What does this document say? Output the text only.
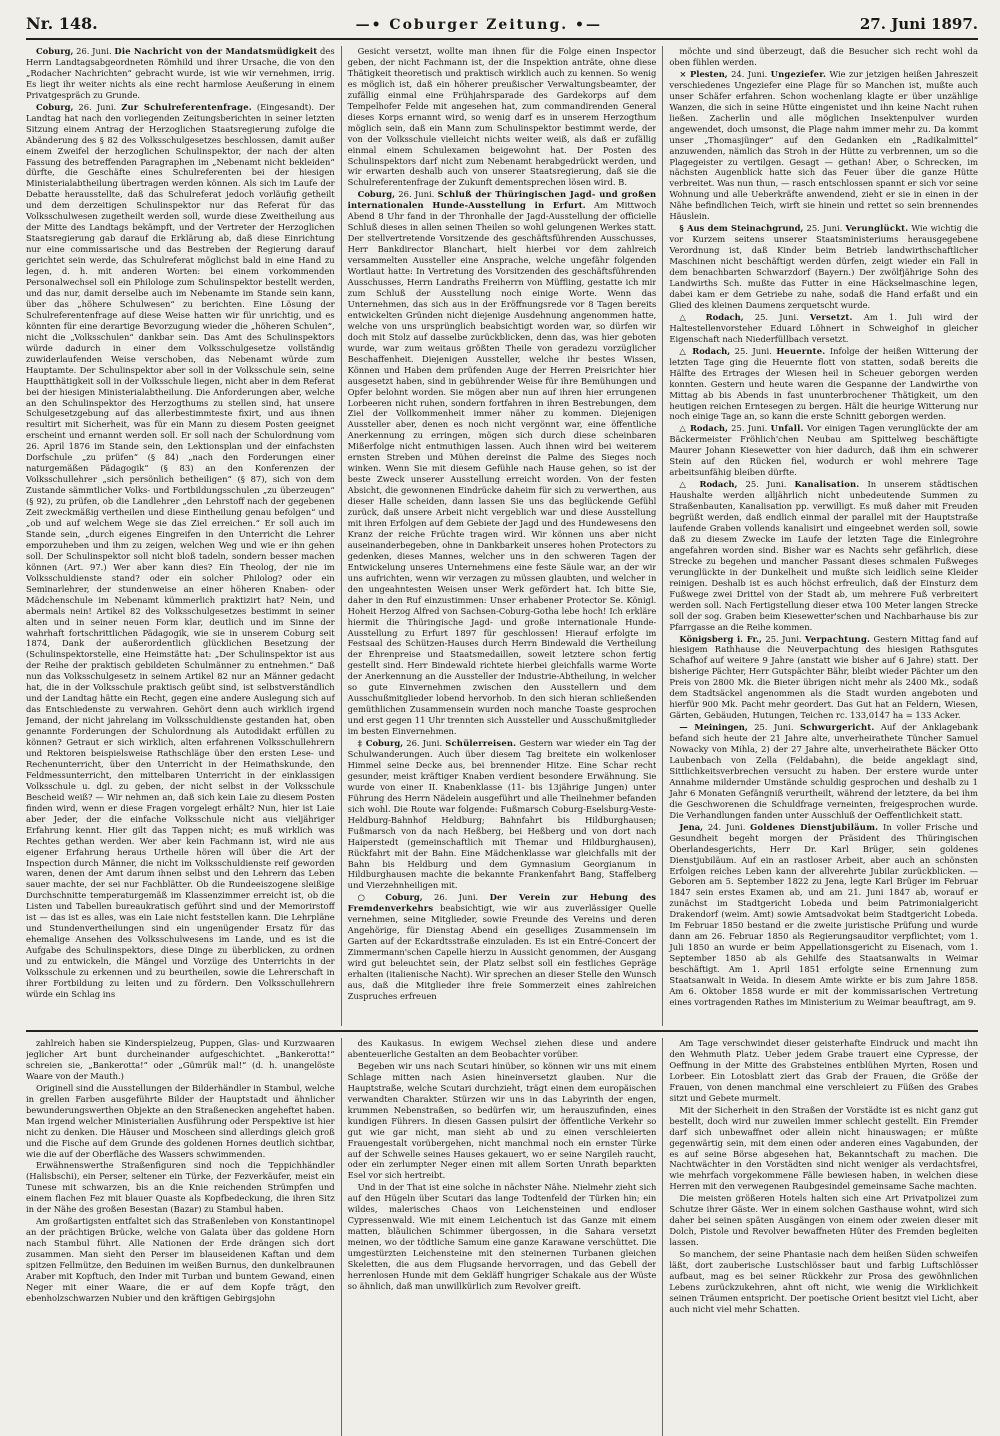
Nr. 148.	—• Coburger Zeitung. •—	27. Juni 1897.

Coburg, 26. Juni. Die Nachricht von der Mandatsmüdigkeit des Herrn Landtagsabgeordneten Römhild und ihrer Ursache, die von den „Rodacher Nachrichten“ gebracht wurde, ist wie wir vernehmen, irrig. Es liegt ihr weiter nichts als eine recht harmlose Aeußerung in einem Privatgespräch zu Grunde.

Coburg, 26. Juni. Zur Schulreferentenfrage. (Eingesandt). Der Landtag hat nach den vorliegenden Zeitungsberichten in seiner letzten Sitzung einem Antrag der Herzoglichen Staatsregierung zufolge die Abänderung des § 82 des Volksschulgesetzes beschlossen, damit außer einem Zweifel der herzoglichen Schulinspektor, der nach der alten Fassung des betreffenden Paragraphen im „Nebenamt nicht bekleiden“ dürfte, die Geschäfte eines Schulreferenten bei der hiesigen Ministerialabtheilung übertragen werden können. Als sich im Laufe der Debatte herausstellte, daß das Schulreferat jedoch vorläufig getheilt und dem derzeitigen Schulinspektor nur das Referat für das Volksschulwesen zugetheilt werden soll, wurde diese Zweitheilung aus der Mitte des Landtags bekämpft, und der Vertreter der Herzoglichen Staatsregierung gab darauf die Erklärung ab, daß diese Einrichtung nur eine commissarische und das Bestreben der Regierung darauf gerichtet sein werde, das Schulreferat möglichst bald in eine Hand zu legen, d. h. mit anderen Worten: bei einem vorkommenden Personalwechsel soll ein Philologe zum Schulinspektor bestellt werden, und das nur, damit derselbe auch im Nebenamte im Stande sein kann, über das „höhere Schulwesen“ zu berichten. Eine Lösung der Schulreferentenfrage auf diese Weise hatten wir für unrichtig, und es könnten für eine derartige Bevorzugung wieder die „höheren Schulen“, nicht die „Volksschulen“ dankbar sein. Das Amt des Schulinspektors würde dadurch in einer dem Volksschulgesetze vollständig zuwiderlaufenden Weise verschoben, das Nebenamt würde zum Hauptamte. Der Schulinspektor aber soll in der Volksschule sein, seine Hauptthätigkeit soll in der Volksschule liegen, nicht aber in dem Referat bei der hiesigen Ministerialabtheilung. Die Anforderungen aber, welche an den Schulinspektor des Herzogthums zu stellen sind, hat unsere Schulgesetzgebung auf das allerbestimmteste fixirt, und aus ihnen resultirt mit Sicherheit, was für ein Mann zu diesem Posten geeignet erscheint und ernannt werden soll. Er soll nach der Schulordnung vom 26. April 1876 im Stande sein, den Lektionsplan und der einfachsten Dorfschule „zu prüfen“ (§ 84) „nach den Forderungen einer naturgemäßen Pädagogik“ (§ 83) an den Konferenzen der Volksschullehrer „sich persönlich betheiligen“ (§ 87), sich von dem Zustande sämmtlicher Volks- und Fortbildungsschulen „zu überzeugen“ (§ 92), zu prüfen, ob die Landlehrer „den Lehrstoff nach der gegebenen Zeit zweckmäßig vertheilen und diese Eintheilung genau befolgen“ und „ob und auf welchem Wege sie das Ziel erreichen.“ Er soll auch im Stande sein, „durch eigenes Eingreifen in den Unterricht die Lehrer emporzuheben und ihm zu zeigen, welchen Weg und wie er ihn gehen soll. Der Schulinspektor soll nicht bloß tadeln, sondern besser machen können (Art. 97.) Wer aber kann dies? Ein Theolog, der nie im Volksschuldienste stand? oder ein solcher Philolog? oder ein Seminarlehrer, der stundenweise an einer höheren Knaben- oder Mädchenschule im Nebenamt kümmerlich praktizirt hat? Nein, und abermals nein! Artikel 82 des Volksschulgesetzes bestimmt in seiner alten und in seiner neuen Form klar, deutlich und im Sinne der wahrhaft fortschrittlichen Pädagogik, wie sie in unserem Coburg seit 1874, Dank der außerordentlich glücklichen Besetzung der (Schulinspektorstelle, eine Heimstätte hat: „Der Schulinspektor ist aus der Reihe der praktisch gebildeten Schulmänner zu entnehmen.“ Daß nun das Volksschulgesetz in seinem Artikel 82 nur an Männer gedacht hat, die in der Volksschule praktisch geübt sind, ist selbstverständlich und der Landtag hätte ein Recht, gegen eine andere Auslegung sich auf das Entschiedenste zu verwahren. Gehört denn auch wirklich irgend Jemand, der nicht jahrelang im Volksschuldienste gestanden hat, oben genannte Forderungen der Schulordnung als Autodidakt erfüllen zu können? Getraut er sich wirklich, alten erfahrenen Volksschullehrern und Rektoren beispielsweise Rathschläge über den ersten Lese- und Rechenunterricht, über den Unterricht in der Heimathskunde, den Feldmessunterricht, den mittelbaren Unterricht in der einklassigen Volksschule u. dgl. zu geben, der nicht selbst in der Volksschule Bescheid weiß? — Wir nehmen an, daß sich kein Laie zu diesem Posten finden wird, wenn er diese Fragen vorgelegt erhält? Nun, hier ist Laie aber Jeder, der die einfache Volksschule nicht aus vieljähriger Erfahrung kennt. Hier gilt das Tappen nicht; es muß wirklich was Rechtes gethan werden. Wer aber kein Fachmann ist, wird nie aus eigener Erfahrung heraus Urtheile hören will über die Art der Inspection durch Männer, die nicht im Volksschuldienste reif geworden waren, denen der Amt darum ihnen selbst und den Lehrern das Leben sauer machte, der sei nur Fachblätter. Ob die Rundeeiszogene sleißige Durchschnitte temperaturgemäß im Klassenzimmer erreicht ist, ob die Listen und Tabellen bureaukratisch geführt sind und der Memorirstoff ist — das ist es alles, was ein Laie nicht feststellen kann. Die Lehrpläne und Stundenvertheilungen sind ein ungenügender Ersatz für das ehemalige Ansehen des Volksschulwesens im Lande, und es ist die Aufgabe des Schulinspektors, diese Dinge zu überblicken, zu ordnen und zu entwickeln, die Mängel und Vorzüge des Unterrichts in der Volksschule zu erkennen und zu beurtheilen, sowie die Lehrerschaft in ihrer Fortbildung zu leiten und zu fördern. Den Volksschullehrern würde ein Schlag ins

Gesicht versetzt, wollte man ihnen für die Folge einen Inspector geben, der nicht Fachmann ist, der die Inspektion anträte, ohne diese Thätigkeit theoretisch und praktisch wirklich auch zu kennen. So wenig es möglich ist, daß ein höherer preußischer Verwaltungsbeamter, der zufällig einmal eine Frühjahrsparade des Gardekorps auf dem Tempelhofer Felde mit angesehen hat, zum commandirenden General dieses Korps ernannt wird, so wenig darf es in unserem Herzogthum möglich sein, daß ein Mann zum Schulinspektor bestimmt werde, der von der Volksschule vielleicht nichts weiter weiß, als daß er zufällig einmal einem Schulexamen beigewohnt hat. Der Posten des Schulinspektors darf nicht zum Nebenamt herabgedrückt werden, und wir erwarten deshalb auch von unserer Staatsregierung, daß sie die Schulreferentenfrage der Zukunft dementsprechen lösen wird. B.

Coburg, 26. Juni. Schluß der Thüringischen Jagd- und großen internationalen Hunde-Ausstellung in Erfurt. Am Mittwoch Abend 8 Uhr fand in der Thronhalle der Jagd-Ausstellung der officielle Schluß dieses in allen seinen Theilen so wohl gelungenen Werkes statt. Der stellvertretende Vorsitzende des geschäftsführenden Ausschusses, Herr Bankdirector Blanchart, hielt hierbei vor dem zahlreich versammelten Aussteller eine Ansprache, welche ungefähr folgenden Wortlaut hatte: In Vertretung des Vorsitzenden des geschäftsführenden Ausschusses, Herrn Landraths Freiherrn von Müffling, gestatte ich mir zum Schluß der Ausstellung noch einige Worte. Wenn das Unternehmen, das sich aus in der Eröffnungsrede vor 8 Tagen bereits entwickelten Gründen nicht diejenige Ausdehnung angenommen hatte, welche von uns ursprünglich beabsichtigt worden war, so dürfen wir doch mit Stolz auf dasselbe zurückblicken, denn das, was hier geboten wurde, war zum weitaus größten Theile von geradezu vorzüglicher Beschaffenheit. Diejenigen Aussteller, welche ihr bestes Wissen, Können und Haben dem prüfenden Auge der Herren Preisrichter hier ausgesetzt haben, sind in gebührender Weise für ihre Bemühungen und Opfer belohnt worden. Sie mögen aber nun auf ihren hier errungenen Lorbeeren nicht ruhen, sondern fortfahren in ihren Bestrebungen, dem Ziel der Vollkommenheit immer näher zu kommen. Diejenigen Aussteller aber, denen es noch nicht vergönnt war, eine öffentliche Anerkennung zu erringen, mögen sich durch diese scheinbaren Mißerfolge nicht entmuthigen lassen. Auch ihnen wird bei weiterem ernsten Streben und Mühen dereinst die Palme des Sieges noch winken. Wenn Sie mit diesem Gefühle nach Hause gehen, so ist der beste Zweck unserer Ausstellung erreicht worden. Von der festen Absicht, die gewonnenen Eindrücke daheim für sich zu verwerthen, aus dieser Halle scheiden, dann lassen Sie uns das beglückende Gefühl zurück, daß unsere Arbeit nicht vergeblich war und diese Ausstellung mit ihren Erfolgen auf dem Gebiete der Jagd und des Hundewesens den Kranz der reiche Früchte tragen wird. Wir können uns aber nicht auseinanderbegeben, ohne in Dankbarkeit unseres hohen Protectors zu gedenken, dieses Mannes, welcher uns in den schweren Tagen der Entwickelung unseres Unternehmens eine feste Säule war, an der wir uns aufrichten, wenn wir verzagen zu müssen glaubten, und welcher in den ungeahntesten Weisen unser Werk gefördert hat. Ich bitte Sie, daher in den Ruf einzustimmen: Unser erhabener Protector Se. Königl. Hoheit Herzog Alfred von Sachsen-Coburg-Gotha lebe hoch! Ich erkläre hiermit die Thüringische Jagd- und große internationale Hunde-Ausstellung zu Erfurt 1897 für geschlossen! Hierauf erfolgte im Festsaal des Schützen-Hauses durch Herrn Bindewald die Vertheilung der Ehrenpreise und Staatsmedaillen, soweit letztere schon fertig gestellt sind. Herr Bindewald richtete hierbei gleichfalls warme Worte der Anerkennung an die Aussteller der Industrie-Abtheilung, in welcher so gute Einvernehmen zwischen den Ausstellern und dem Ausschußmitglieder lobend hervorhob. In den sich hieran schließenden gemüthlichen Zusammensein wurden noch manche Toaste gesprochen und erst gegen 11 Uhr trennten sich Aussteller und Ausschußmitglieder im besten Einvernehmen.

‡ Coburg, 26. Juni. Schülerreisen. Gestern war wieder ein Tag der Schulwanderungen. Auch über diesem Tag breitete ein wolkenloser Himmel seine Decke aus, bei brennender Hitze. Eine Schar recht gesunder, meist kräftiger Knaben verdient besondere Erwähnung. Sie wurde von einer II. Knabenklasse (11- bis 13jährige Jungen) unter Führung des Herrn Nädelein ausgeführt und alle Theilnehmer befanden sich wohl. Die Route war folgende: Fußmarsch Coburg-Eselsburg-Veste-Heldburg-Bahnhof Heldburg; Bahnfahrt bis Hildburghausen; Fußmarsch von da nach Heßberg, bei Heßberg und von dort nach Haiperstedt (gemeinschaftlich mit Themar und Hildburghausen), Rückfahrt mit der Bahn. Eine Mädchenklasse war gleichfalls mit der Bahn bis Heldburg und dem Gymnasium Georgianum in Hildburghausen machte die bekannte Frankenfahrt Bang, Staffelberg und Vierzehnheiligen mit.

○ Coburg, 26. Juni. Der Verein zur Hebung des Fremdenverkehrs beabsichtigt, wie wir aus zuverlässiger Quelle vernehmen, seine Mitglieder, sowie Freunde des Vereins und deren Angehörige, für Dienstag Abend ein geselliges Zusammensein im Garten auf der Eckardtsstraße einzuladen. Es ist ein Entré-Concert der Zimmermann'schen Capelle hierzu in Aussicht genommen, der Ausgang wird gut beleuchtet sein, der Platz selbst soll ein festliches Gepräge erhalten (italienische Nacht). Wir sprechen an dieser Stelle den Wunsch aus, daß die Mitglieder ihre freie Sommerzeit eines zahlreichen Zuspruches erfreuen

möchte und sind überzeugt, daß die Besucher sich recht wohl da oben fühlen werden.

× Plesten, 24. Juni. Ungeziefer. Wie zur jetzigen heißen Jahreszeit verschiedenes Ungeziefer eine Plage für so Manchen ist, mußte auch unser Schäfer erfahren. Schon wochenlang klagte er über unzählige Wanzen, die sich in seine Hütte eingenistet und ihn keine Nacht ruhen ließen. Zacherlin und alle möglichen Insektenpulver wurden angewendet, doch umsonst, die Plage nahm immer mehr zu. Da kommt unser „Thomasjünger“ auf den Gedanken ein „Radikalmittel“ anzuwenden, nämlich das Stroh in der Hütte zu verbrennen, um so die Plagegeister zu vertilgen. Gesagt — gethan! Aber, o Schrecken, im nächsten Augenblick hatte sich das Feuer über die ganze Hütte verbreitet. Was nun thun, — rasch entschlossen spannt er sich vor seine Wohnung und alle Ueberkräfte anwendend, zieht er sie in einen in der Nähe befindlichen Teich, wirft sie hinein und rettet so sein brennendes Häuslein.

§ Aus dem Steinachgrund, 25. Juni. Verunglückt. Wie wichtig die vor Kurzem seitens unserer Staatsministeriums herausgegebene Verordnung ist, daß Kinder beim Betrieb landwirthschaftlicher Maschinen nicht beschäftigt werden dürfen, zeigt wieder ein Fall in dem benachbarten Schwarzdorf (Bayern.) Der zwölfjährige Sohn des Landwirths Sch. mußte das Futter in eine Häckselmaschine legen, dabei kam er dem Getriebe zu nahe, sodaß die Hand erfaßt und ein Glied des kleinen Daumens zerquetscht wurde.

△ Rodach, 25. Juni. Versetzt. Am 1. Juli wird der Haltestellenvorsteher Eduard Löhnert in Schweighof in gleicher Eigenschaft nach Niederfüllbach versetzt.

△ Rodach, 25. Juni. Heuernte. Infolge der heißen Witterung der letzten Tage ging die Heuernte flott von statten, sodaß bereits die Hälfte des Ertrages der Wiesen heil in Scheuer geborgen werden konnten. Gestern und heute waren die Gespanne der Landwirthe von Mittag ab bis Abends in fast ununterbrochener Thätigkeit, um den heutigen reichen Erntesegen zu bergen. Hält die heurige Witterung nur noch einige Tage an, so kann die erste Schnitt geborgen werden.

△ Rodach, 25. Juni. Unfall. Vor einigen Tagen verunglückte der am Bäckermeister Fröhlich'chen Neubau am Spittelweg beschäftigte Maurer Johann Kiesewetter von hier dadurch, daß ihm ein schwerer Stein auf den Rücken fiel, wodurch er wohl mehrere Tage arbeitsunfähig bleiben dürfte.

△ Rodach, 25. Juni. Kanalisation. In unserem städtischen Haushalte werden alljährlich nicht unbedeutende Summen zu Straßenbauten, Kanalisation pp. verwilligt. Es muß daher mit Freuden begrüßt werden, daß endlich einmal der parallel mit der Hauptstraße laufende Graben vollends kanalisirt und eingeebnet werden soll, sowie daß zu diesem Zwecke im Laufe der letzten Tage die Einlegrohre angefahren worden sind. Bisher war es Nachts sehr gefährlich, diese Strecke zu begehen und mancher Passant dieses schmalen Fußweges verunglückte in der Dunkelheit und mußte sich leidlich seine Kleider reinigen. Deshalb ist es auch höchst erfreulich, daß der Einsturz dem Fußwege zwei Drittel von der Stadt ab, um mehrere Fuß verbreitert werden soll. Nach Fertigstellung dieser etwa 100 Meter langen Strecke soll der sog. Graben beim Kiesewetter'schen und Nachbarhause bis zur Pfarrgasse an die Reihe kommen.

Königsberg i. Fr., 25. Juni. Verpachtung. Gestern Mittag fand auf hiesigem Rathhause die Neuverpachtung des hiesigen Rathsgutes Schafhof auf weitere 9 Jahre (anstatt wie bisher auf 6 Jahre) statt. Der bisherige Pächter, Herr Gutspächter Bähr, bleibt wieder Pächter um den Preis von 2800 Mk. die Bieter übrigen nicht mehr als 2400 Mk., sodaß dem Stadtsäckel angenommen als die Stadt wurden angeboten und hierfür 900 Mk. Pacht mehr geordert. Das Gut hat an Feldern, Wiesen, Gärten, Gebäuden, Hutungen, Teichen rc. 133,0147 ha = 133 Acker.

— Meiningen, 25. Juni. Schwurgericht. Auf der Anklagebank befand sich heute der 21 Jahre alte, unverheirathete Tüncher Samuel Nowacky von Mihla, 2) der 27 Jahre alte, unverheirathete Bäcker Otto Laubenbach von Zella (Feldabahn), die beide angeklagt sind, Sittlichkeitsverbrechen versucht zu haben. Der erstere wurde unter Annahme mildernder Umstände schuldig gesprochen und deshalb zu 1 Jahr 6 Monaten Gefängniß verurtheilt, während der letztere, da bei ihm die Geschworenen die Schuldfrage verneinten, freigesprochen wurde. Die Verhandlungen fanden unter Ausschluß der Oeffentlichkeit statt.

Jena, 24. Juni. Goldenes Dienstjubiläum. In voller Frische und Gesundheit begeht morgen der Präsident des Thüringischen Oberlandesgerichts, Herr Dr. Karl Brüger, sein goldenes Dienstjubiläum. Auf ein an rastloser Arbeit, aber auch an schönsten Erfolgen reiches Leben kann der allverehrte Jubilar zurückblicken. — Geboren am 5. September 1822 zu Jena, legte Karl Brüger im Februar 1847 sein erstes Examen ab, und am 21. Juni 1847 ab, worauf er zunächst im Stadtgericht Lobeda und beim Patrimonialgericht Drakendorf (weim. Amt) sowie Amtsadvokat beim Stadtgericht Lobeda. Im Februar 1850 bestand er die zweite juristische Prüfung und wurde dann am 26. Februar 1850 als Regierungsauditor verpflichtet; vom 1. Juli 1850 an wurde er beim Appellationsgericht zu Eisenach, vom 1. September 1850 ab als Gehilfe des Staatsanwalts in Weimar beschäftigt. Am 1. April 1851 erfolgte seine Ernennung zum Staatsanwalt in Weida. In diesem Amte wirkte er bis zum Jahre 1858. Am 6. Oktober 1858 wurde er mit der kommissarischen Vertretung eines vortragenden Rathes im Ministerium zu Weimar beauftragt, am 9.

zahlreich haben sie Kinderspielzeug, Puppen, Glas- und Kurzwaaren jeglicher Art bunt durcheinander aufgeschichtet. „Bankerotta!“ schreien sie, „Bankerotta!“ oder „Gümrük mal!“ (d. h. unangelöste Waare von der Mauth.)

Originell sind die Ausstellungen der Bilderhändler in Stambul, welche in grellen Farben ausgeführte Bilder der Hauptstadt und ähnlicher bewunderungswerthen Objekte an den Straßenecken angeheftet haben. Man irgend welcher Ministerialien Ausführung oder Perspektive ist hier nicht zu denken. Die Häuser und Moscheen sind allerdings gleich groß und die Fische auf dem Grunde des goldenen Hornes deutlich sichtbar, wie die auf der Oberfläche des Wassers schwimmenden.

Erwähnenswerthe Straßenfiguren sind noch die Teppichhändler (Halisbschi), ein Perser, seltener ein Türke, der Fezverkäufer, meist ein Tunese mit schwarzen, bis an die Knie reichenden Strümpfen und einem flachen Fez mit blauer Quaste als Kopfbedeckung, die ihren Sitz in der Nähe des großen Besestan (Bazar) zu Stambul haben.

Am großartigsten entfaltet sich das Straßenleben von Konstantinopel an der prächtigen Brücke, welche von Galata über das goldene Horn nach Stambul führt. Alle Nationen der Erde drängen sich dort zusammen. Man sieht den Perser im blauseidenen Kaftan und dem spitzen Fellmütze, den Beduinen im weißen Burnus, den dunkelbraunen Araber mit Kopftuch, den Inder mit Turban und buntem Gewand, einen Neger mit einer Waare, die er auf dem Kopfe trägt, den ebenholzschwarzen Nubier und den kräftigen Gebirgsjohn

des Kaukasus. In ewigem Wechsel ziehen diese und andere abenteuerliche Gestalten an dem Beobachter vorüber.

Begeben wir uns nach Scutari hinüber, so können wir uns mit einem Schlage mitten nach Asien hineinversetzt glauben. Nur die Hauptstraße, welche Scutari durchzieht, trägt einen dem europäischen verwandten Charakter. Stürzen wir uns in das Labyrinth der engen, krummen Nebenstraßen, so bedürfen wir, um herauszufinden, eines kundigen Führers. In diesen Gassen pulsirt der öffentliche Verkehr so gut wie gar nicht, man sieht ab und zu einen verschleierten Frauengestalt vorübergehen, nicht manchmal noch ein ernster Türke auf der Schwelle seines Hauses gekauert, wo er seine Nargileh raucht, oder ein zerlumpter Neger einen mit allem Sorten Unrath beparkten Esel vor sich hertreibt.

Und in der That ist eine solche in nächster Nähe. Nielmehr zieht sich auf den Hügeln über Scutari das lange Todtenfeld der Türken hin; ein wildes, malerisches Chaos von Leichensteinen und endloser Cypressenwald. Wie mit einem Leichentuch ist das Ganze mit einem matten, bläulichen Schimmer übergossen, in die Sahara versetzt meinen, wo der tödtliche Samum eine ganze Karawane verschüttet. Die umgestürzten Leichensteine mit den steinernen Turbanen gleichen Skeletten, die aus dem Flugsande hervorragen, und das Gebell der herrenlosen Hunde mit dem Gekläff hungriger Schakale aus der Wüste so ähnlich, daß man unwillkürlich zum Revolver greift.

Am Tage verschwindet dieser geisterhafte Eindruck und macht ihn den Wehmuth Platz. Ueber jedem Grabe trauert eine Cypresse, der Oeffnung in der Mitte des Grabsteines entblühen Myrten, Rosen und Lorbeer. Ein Lotosblatt ziert das Grab der Frauen, die Größe der Frauen, von denen manchmal eine verschleiert zu Füßen des Grabes sitzt und Gebete murmelt.

Mit der Sicherheit in den Straßen der Vorstädte ist es nicht ganz gut bestellt, doch wird nur zuweilen immer schlecht gestellt. Ein Fremder darf sich unbewaffnet oder allein nicht hinauswagen; er müßte gegenwärtig sein, mit dem einen oder anderen eines Vagabunden, der es auf seine Börse abgesehen hat, Bekanntschaft zu machen. Die Nachtwächter in den Vorstädten sind nicht weniger als verdachtsfrei, wie mehrfach vorgekommene Fälle bewiesen haben, in welchen diese Herren mit den verwegenen Raubgesindel gemeinsame Sache machten.

Die meisten größeren Hotels halten sich eine Art Privatpolizei zum Schutze ihrer Gäste. Wer in einem solchen Gasthause wohnt, wird sich daher bei seinen späten Ausgängen von einem oder zweien dieser mit Dolch, Pistole und Revolver bewaffneten Hüter des Fremden begleiten lassen.

So manchem, der seine Phantasie nach dem heißen Süden schweifen läßt, dort zauberische Lustschlösser baut und farbig Luftschlösser aufbaut, mag es bei seiner Rückkehr zur Prosa des gewöhnlichen Lebens zurückzukehren, ahnt oft nicht, wie wenig die Wirklichkeit seinen Träumen entspricht. Der poetische Orient besitzt viel Licht, aber auch nicht viel mehr Schatten.
